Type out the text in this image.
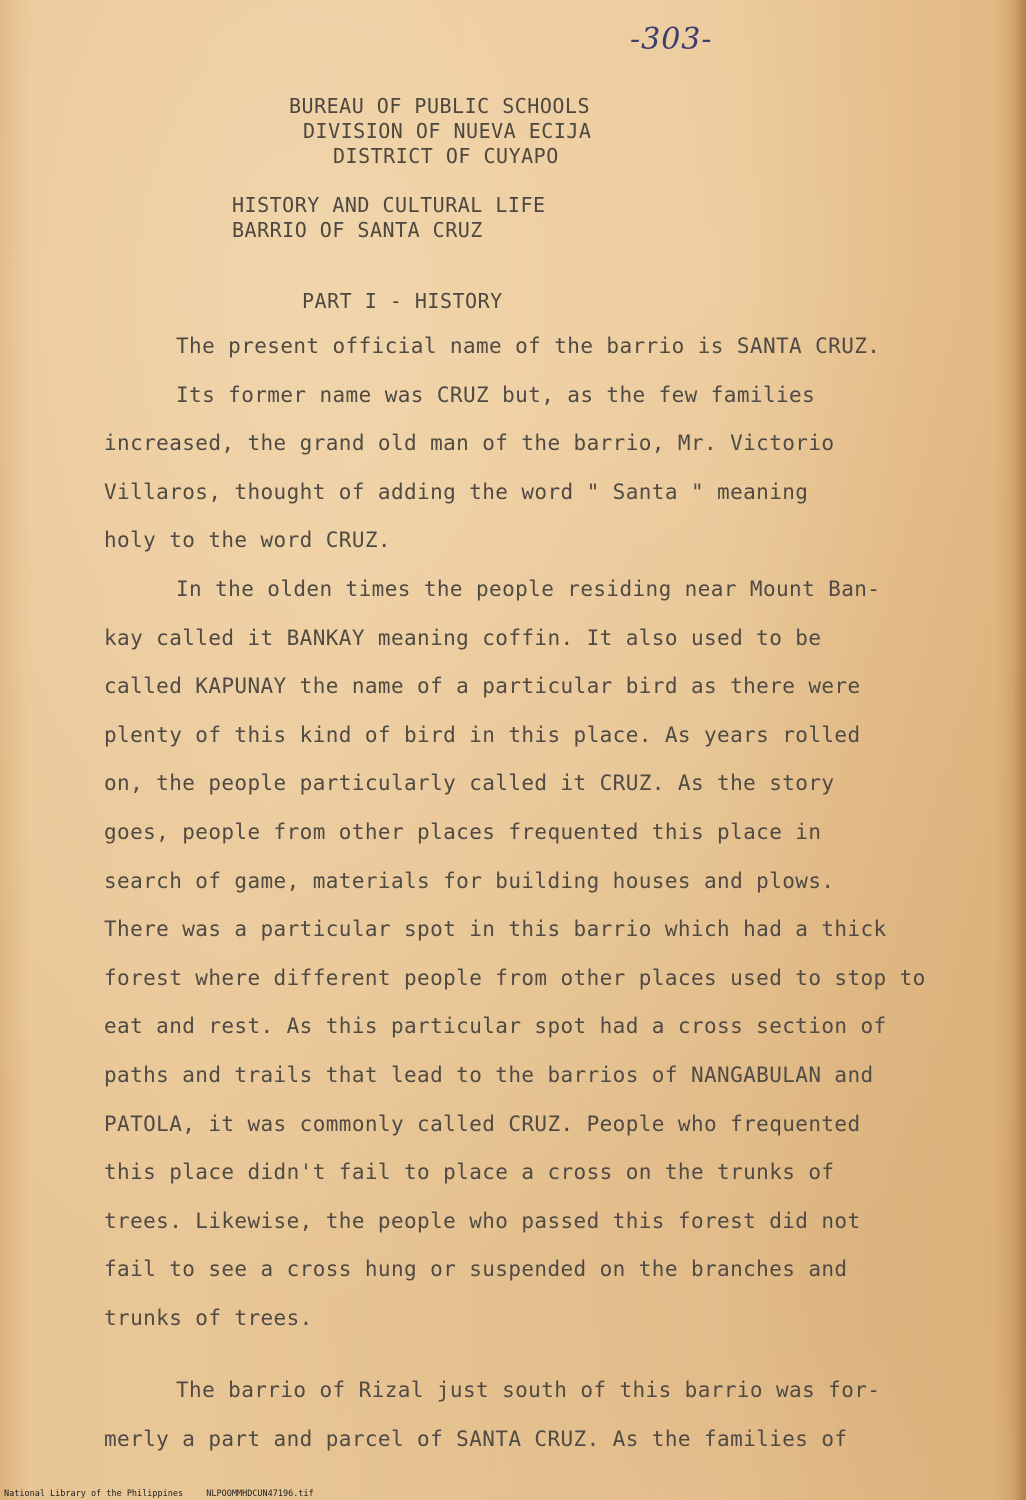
-303-
BUREAU OF PUBLIC SCHOOLS
DIVISION OF NUEVA ECIJA
DISTRICT OF CUYAPO
HISTORY AND CULTURAL LIFE
BARRIO OF SANTA CRUZ
PART I - HISTORY

The present official name of the barrio is SANTA CRUZ.

Its former name was CRUZ but, as the few families

increased, the grand old man of the barrio, Mr. Victorio

Villaros, thought of adding the word " Santa " meaning

holy to the word CRUZ.

In the olden times the people residing near Mount Ban-

kay called it BANKAY meaning coffin. It also used to be

called KAPUNAY the name of a particular bird as there were

plenty of this kind of bird in this place. As years rolled

on, the people particularly called it CRUZ. As the story

goes, people from other places frequented this place in

search of game, materials for building houses and plows.

There was a particular spot in this barrio which had a thick

forest where different people from other places used to stop to

eat and rest. As this particular spot had a cross section of

paths and trails that lead to the barrios of NANGABULAN and

PATOLA, it was commonly called CRUZ. People who frequented

this place didn't fail to place a cross on the trunks of

trees. Likewise, the people who passed this forest did not

fail to see a cross hung or suspended on the branches and

trunks of trees.

The barrio of Rizal just south of this barrio was for-

merly a part and parcel of SANTA CRUZ. As the families of

National Library of the Philippines	NLPOOMMHDCUN47196.tif
